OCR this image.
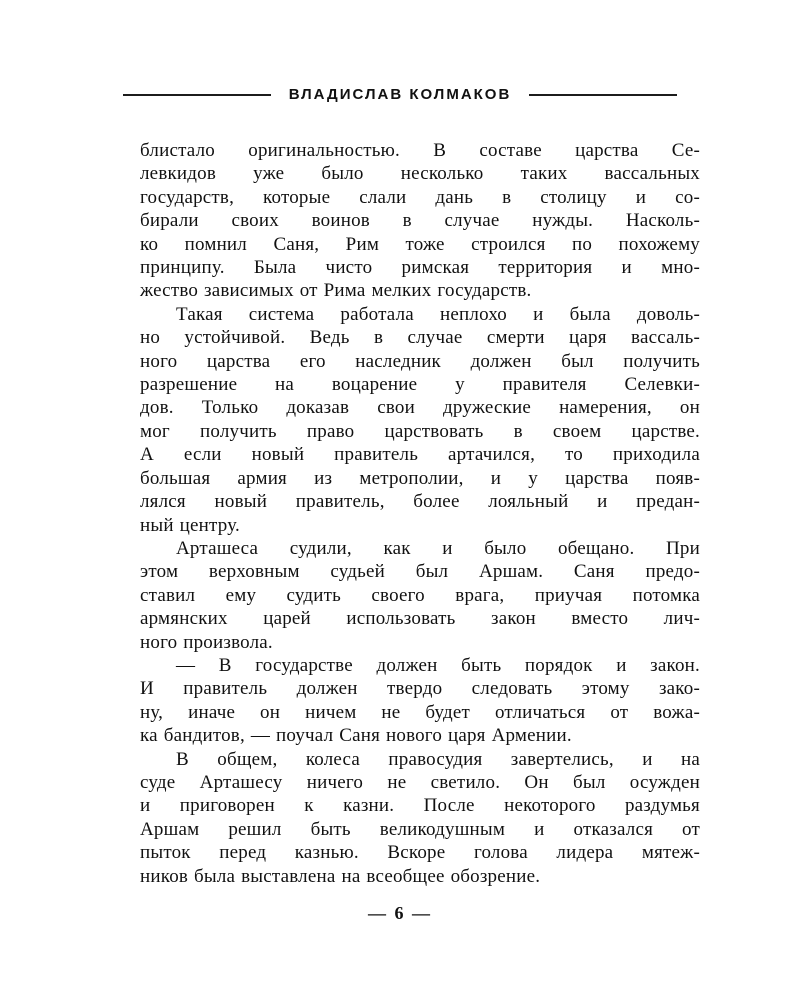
ВЛАДИСЛАВ КОЛМАКОВ
блистало оригинальностью. В составе царства Се-
левкидов уже было несколько таких вассальных
государств, которые слали дань в столицу и со-
бирали своих воинов в случае нужды. Насколь-
ко помнил Саня, Рим тоже строился по похожему
принципу. Была чисто римская территория и мно-
жество зависимых от Рима мелких государств.
Такая система работала неплохо и была доволь-
но устойчивой. Ведь в случае смерти царя вассаль-
ного царства его наследник должен был получить
разрешение на воцарение у правителя Селевки-
дов. Только доказав свои дружеские намерения, он
мог получить право царствовать в своем царстве.
А если новый правитель артачился, то приходила
большая армия из метрополии, и у царства появ-
лялся новый правитель, более лояльный и предан-
ный центру.
Арташеса судили, как и было обещано. При
этом верховным судьей был Аршам. Саня предо-
ставил ему судить своего врага, приучая потомка
армянских царей использовать закон вместо лич-
ного произвола.
— В государстве должен быть порядок и закон.
И правитель должен твердо следовать этому зако-
ну, иначе он ничем не будет отличаться от вожа-
ка бандитов, — поучал Саня нового царя Армении.
В общем, колеса правосудия завертелись, и на
суде Арташесу ничего не светило. Он был осужден
и приговорен к казни. После некоторого раздумья
Аршам решил быть великодушным и отказался от
пыток перед казнью. Вскоре голова лидера мятеж-
ников была выставлена на всеобщее обозрение.
— 6 —
